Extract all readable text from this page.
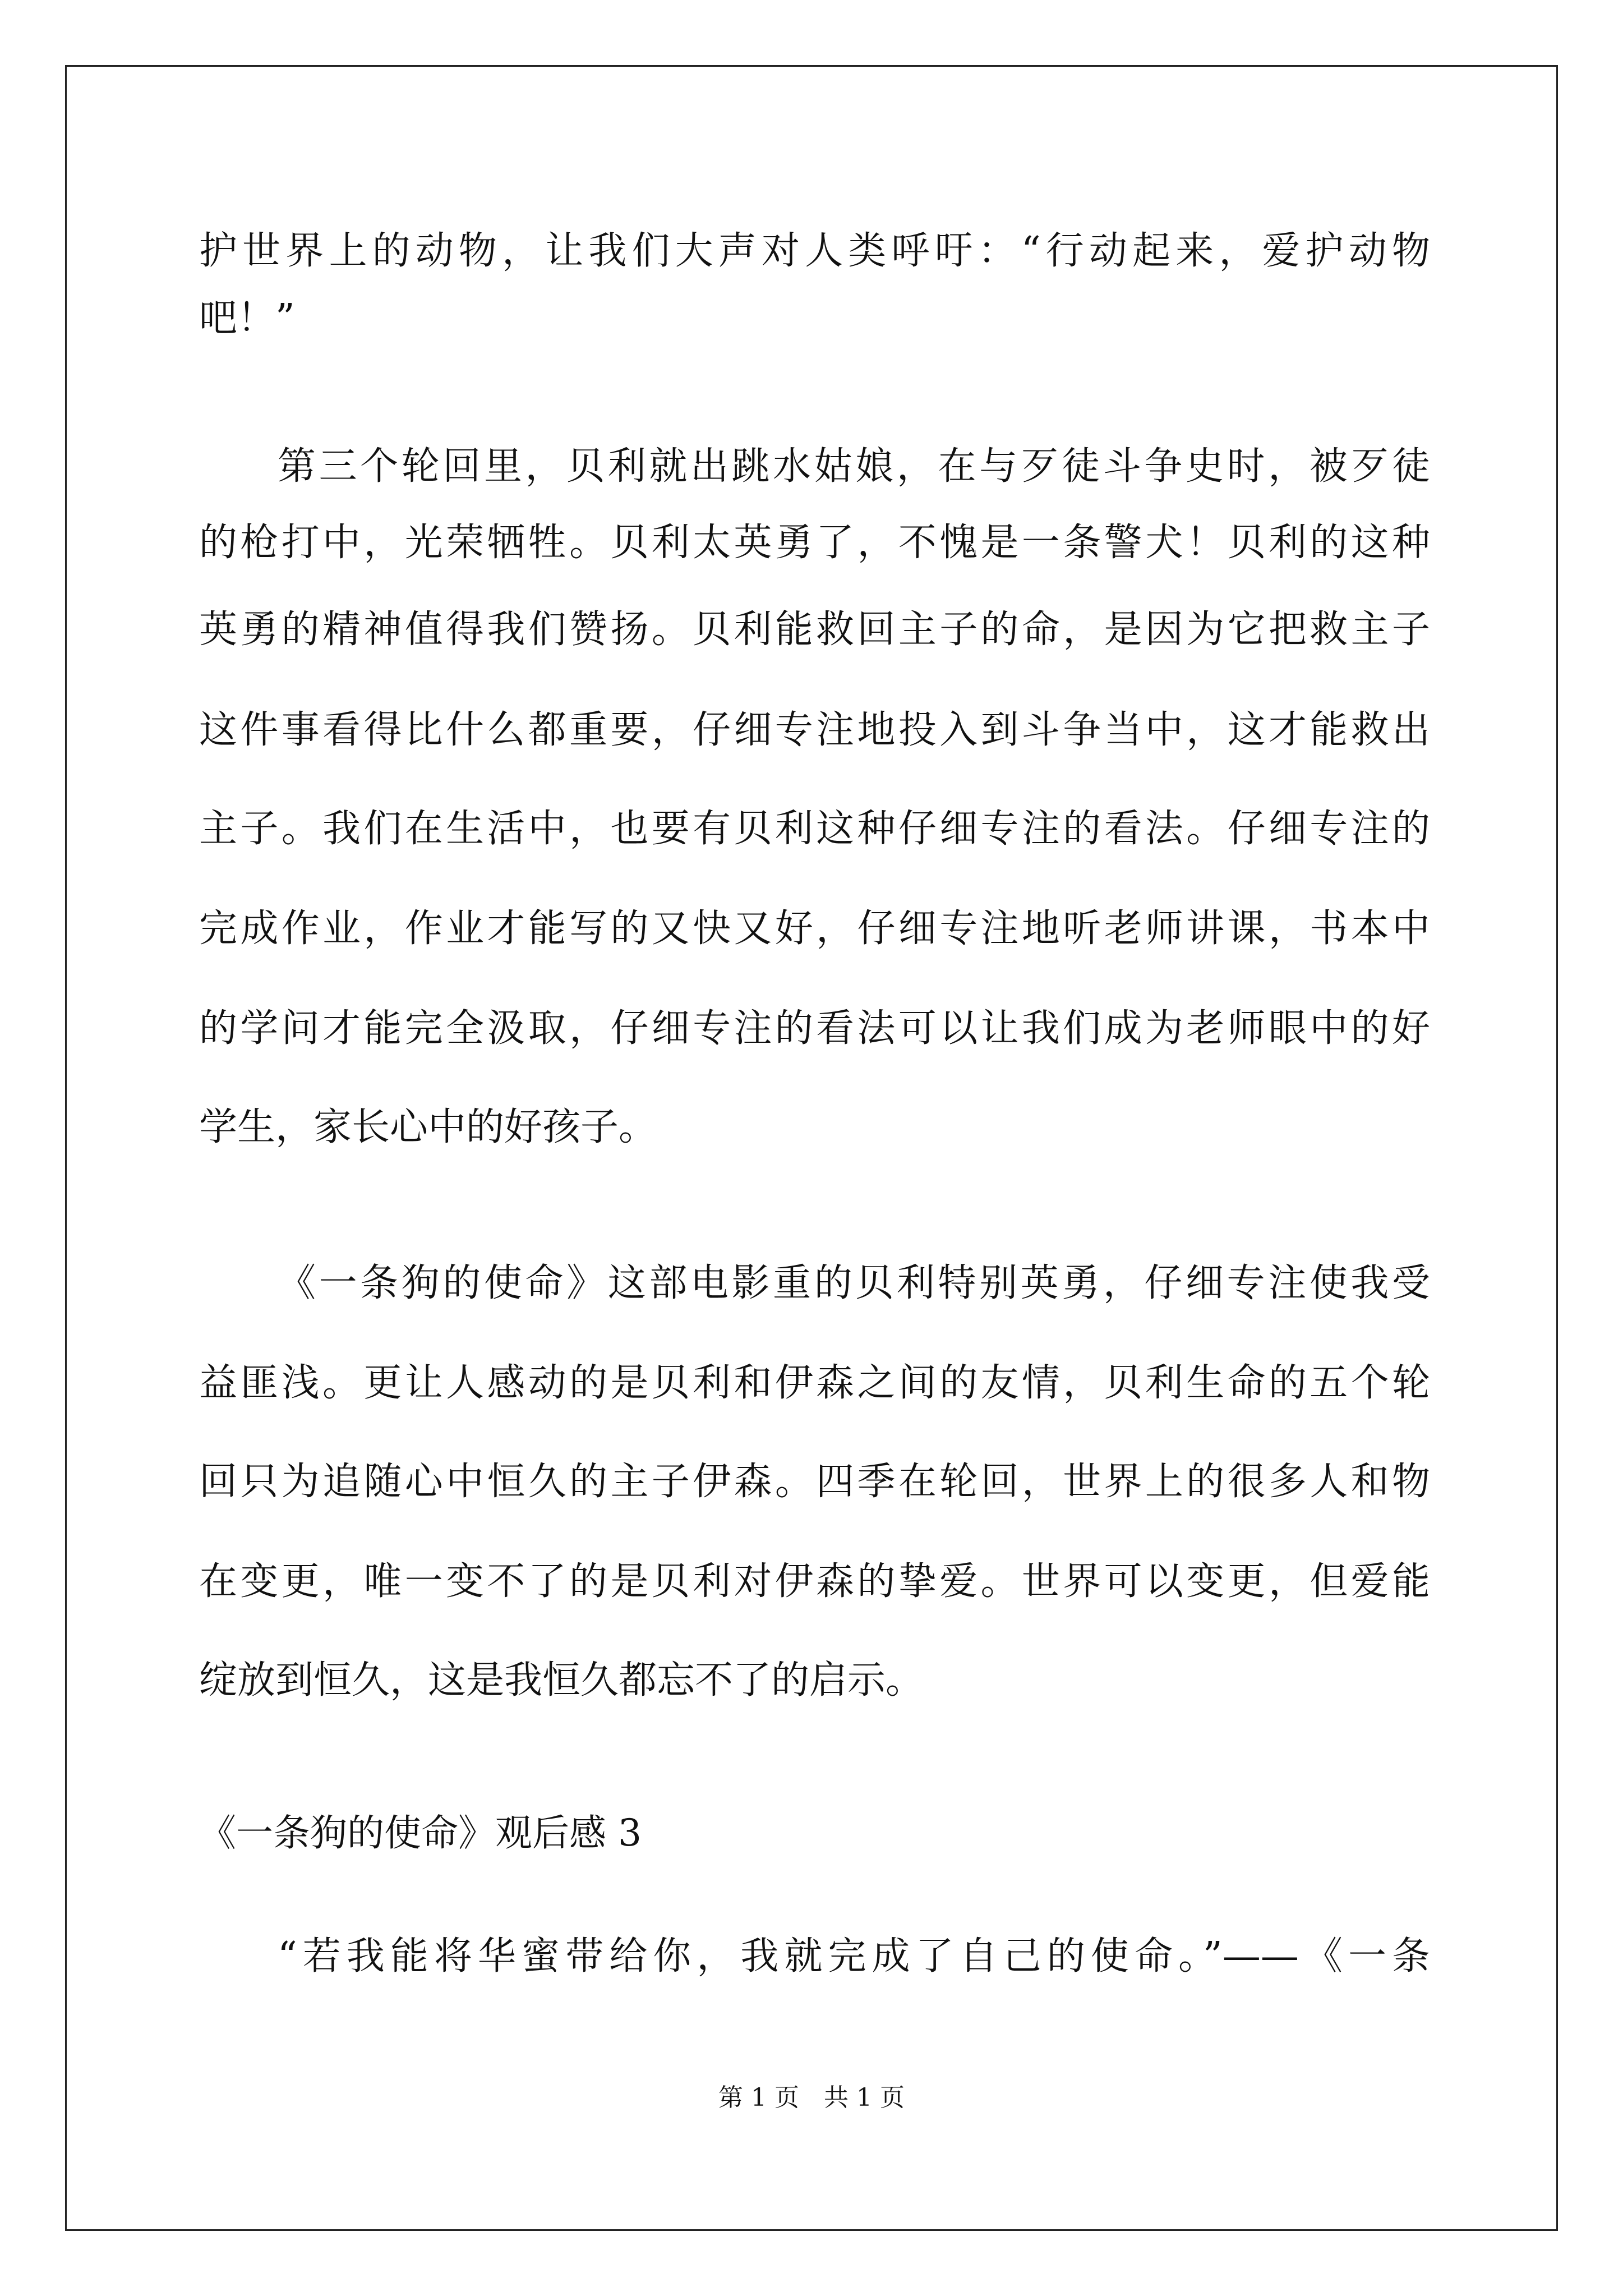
护世界上的动物，让我们大声对人类呼吁：“行动起来，爱护动物
吧！”
第三个轮回里，贝利就出跳水姑娘，在与歹徒斗争史时，被歹徒
的枪打中，光荣牺牲。贝利太英勇了，不愧是一条警犬！贝利的这种
英勇的精神值得我们赞扬。贝利能救回主子的命，是因为它把救主子
这件事看得比什么都重要，仔细专注地投入到斗争当中，这才能救出
主子。我们在生活中，也要有贝利这种仔细专注的看法。仔细专注的
完成作业，作业才能写的又快又好，仔细专注地听老师讲课，书本中
的学问才能完全汲取，仔细专注的看法可以让我们成为老师眼中的好
学生，家长心中的好孩子。
《一条狗的使命》这部电影重的贝利特别英勇，仔细专注使我受
益匪浅。更让人感动的是贝利和伊森之间的友情，贝利生命的五个轮
回只为追随心中恒久的主子伊森。四季在轮回，世界上的很多人和物
在变更，唯一变不了的是贝利对伊森的挚爱。世界可以变更，但爱能
绽放到恒久，这是我恒久都忘不了的启示。
《一条狗的使命》观后感 3
“若我能将华蜜带给你，我就完成了自己的使命。”——《一条
第 1 页　共 1 页
